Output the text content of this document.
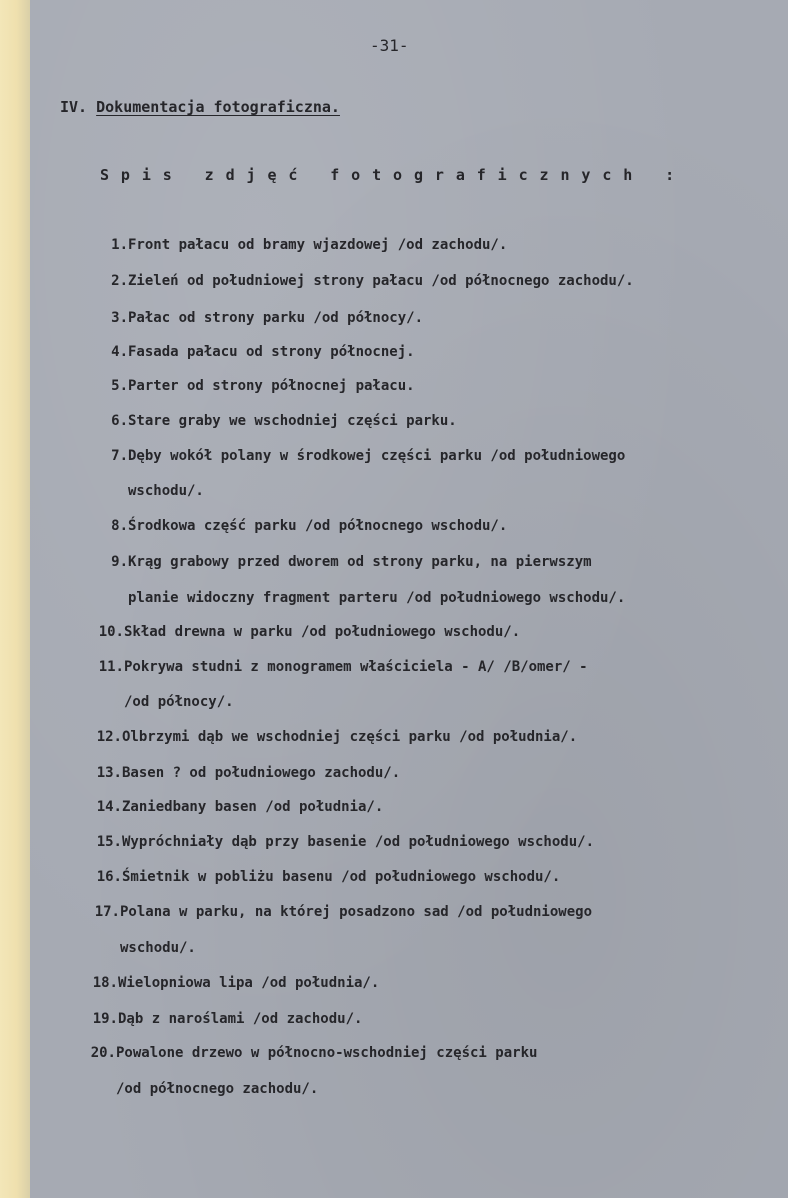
-31-
IV. Dokumentacja fotograficzna.
Spis zdjęć fotograficznych :
1. Front pałacu od bramy wjazdowej /od zachodu/.
2. Zieleń od południowej strony pałacu /od północnego zachodu/.
3. Pałac od strony parku /od północy/.
4. Fasada pałacu od strony północnej.
5. Parter od strony północnej pałacu.
6. Stare graby we wschodniej części parku.
7. Dęby wokół polany w środkowej części parku /od południowego
wschodu/.
8. Środkowa część parku /od północnego wschodu/.
9. Krąg grabowy przed dworem od strony parku, na pierwszym
planie widoczny fragment parteru /od południowego wschodu/.
10. Skład drewna w parku /od południowego wschodu/.
11. Pokrywa studni z monogramem właściciela - A/ /B/omer/ -
/od północy/.
12. Olbrzymi dąb we wschodniej części parku /od południa/.
13. Basen ? od południowego zachodu/.
14. Zaniedbany basen /od południa/.
15. Wypróchniały dąb przy basenie /od południowego wschodu/.
16. Śmietnik w pobliżu basenu /od południowego wschodu/.
17. Polana w parku, na której posadzono sad /od południowego
wschodu/.
18. Wielopniowa lipa /od południa/.
19. Dąb z naroślami /od zachodu/.
20. Powalone drzewo w północno-wschodniej części parku
/od północnego zachodu/.
